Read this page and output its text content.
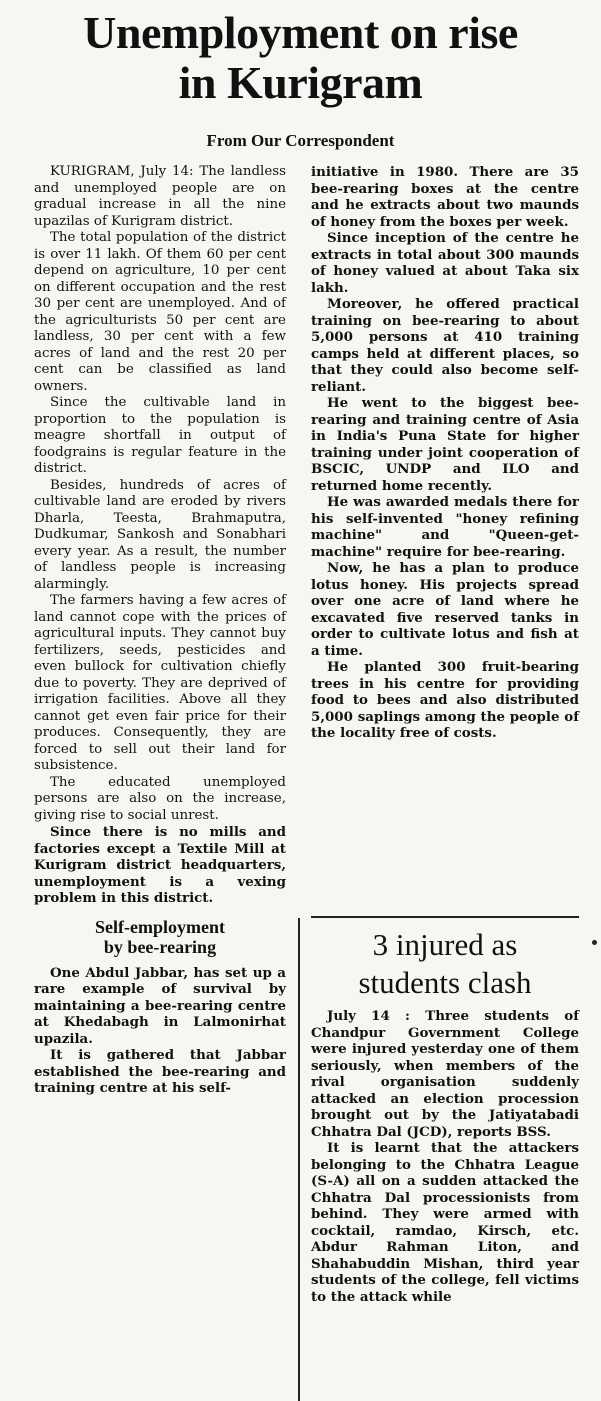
Unemployment on rise
in Kurigram
From Our Correspondent

KURIGRAM, July 14: The landless and unemployed people are on gradual increase in all the nine upazilas of Kurigram district.

The total population of the district is over 11 lakh. Of them 60 per cent depend on agriculture, 10 per cent on different occupation and the rest 30 per cent are unemployed. And of the agriculturists 50 per cent are landless, 30 per cent with a few acres of land and the rest 20 per cent can be classified as land owners.

Since the cultivable land in proportion to the population is meagre shortfall in output of foodgrains is regular feature in the district.

Besides, hundreds of acres of cultivable land are eroded by rivers Dharla, Teesta, Brahmaputra, Dudkumar, Sankosh and Sonabhari every year. As a result, the number of landless people is increasing alarmingly.

The farmers having a few acres of land cannot cope with the prices of agricultural inputs. They cannot buy fertilizers, seeds, pesticides and even bullock for cultivation chiefly due to poverty. They are deprived of irrigation facilities. Above all they cannot get even fair price for their produces. Consequently, they are forced to sell out their land for subsistence.

The educated unemployed persons are also on the increase, giving rise to social unrest.

Since there is no mills and factories except a Textile Mill at Kurigram district headquarters, unemployment is a vexing problem in this district.

Self-employment
by bee-rearing

One Abdul Jabbar, has set up a rare example of survival by maintaining a bee-rearing centre at Khedabagh in Lalmonirhat upazila.

It is gathered that Jabbar established the bee-rearing and training centre at his self-

initiative in 1980. There are 35 bee-rearing boxes at the centre and he extracts about two maunds of honey from the boxes per week.

Since inception of the centre he extracts in total about 300 maunds of honey valued at about Taka six lakh.

Moreover, he offered practical training on bee-rearing to about 5,000 persons at 410 training camps held at different places, so that they could also become self-reliant.

He went to the biggest bee-rearing and training centre of Asia in India's Puna State for higher training under joint cooperation of BSCIC, UNDP and ILO and returned home recently.

He was awarded medals there for his self-invented "honey refining machine" and "Queen-get-machine" require for bee-rearing.

Now, he has a plan to produce lotus honey. His projects spread over one acre of land where he excavated five reserved tanks in order to cultivate lotus and fish at a time.

He planted 300 fruit-bearing trees in his centre for providing food to bees and also distributed 5,000 saplings among the people of the locality free of costs.

3 injured as
students clash

July 14 : Three students of Chandpur Government College were injured yesterday one of them seriously, when members of the rival organisation suddenly attacked an election procession brought out by the Jatiyatabadi Chhatra Dal (JCD), reports BSS.

It is learnt that the attackers belonging to the Chhatra League (S-A) all on a sudden attacked the Chhatra Dal processionists from behind. They were armed with cocktail, ramdao, Kirsch, etc. Abdur Rahman Liton, and Shahabuddin Mishan, third year students of the college, fell victims to the attack while
